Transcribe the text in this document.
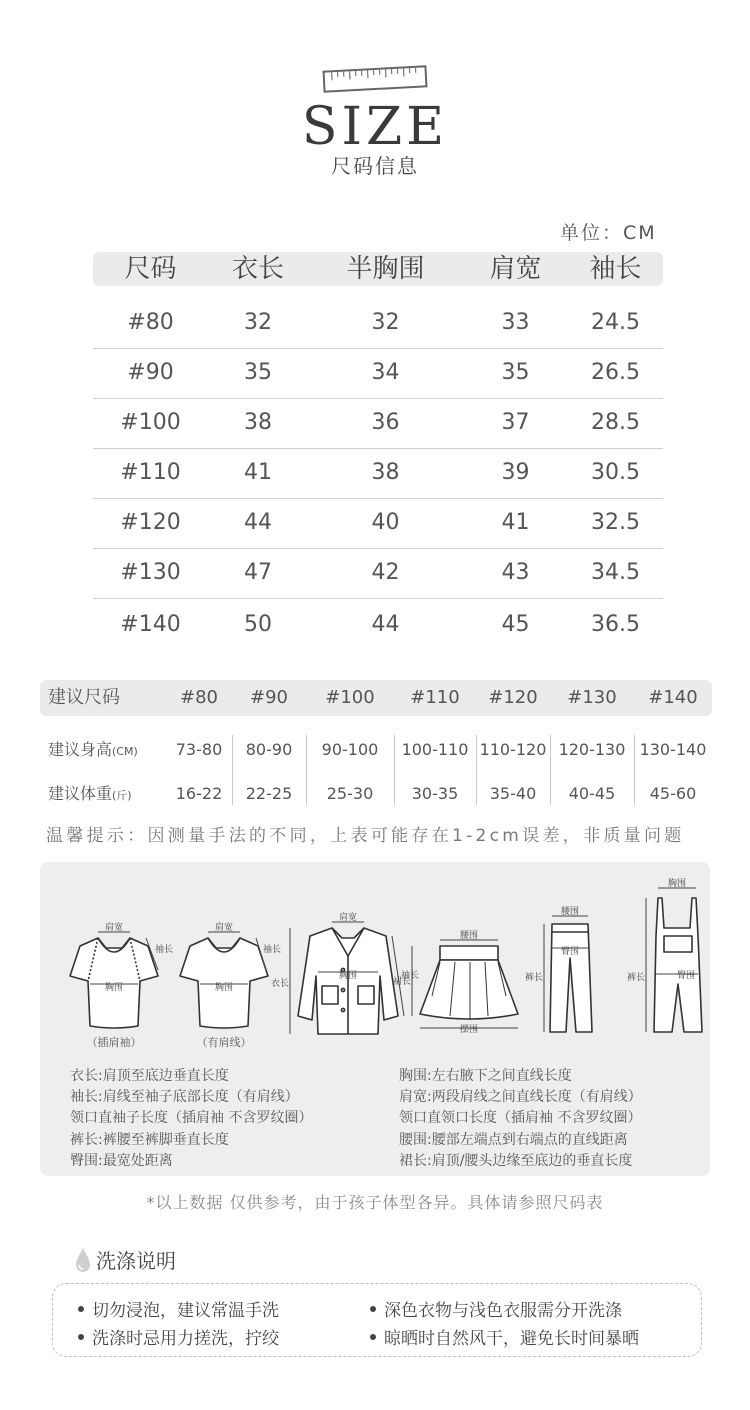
SIZE
尺码信息
单位：CM
尺码	衣长	半胸围	肩宽	袖长
#80	32	32	33	24.5
#90	35	34	35	26.5
#100	38	36	37	28.5
#110	41	38	39	30.5
#120	44	40	41	32.5
#130	47	42	43	34.5
#140	50	44	45	36.5
建议尺码	#80	#90	#100	#110	#120	#130	#140
建议身高(CM)	73-80	80-90	90-100	100-110 110-120 120-130 130-140
建议体重(斤)	16-22	22-25	25-30	30-35	35-40	40-45	45-60
温馨提示：因测量手法的不同，上表可能存在1-2cm误差，非质量问题
肩宽
胸围
袖长
肩宽
胸围
袖长
肩宽
胸围
衣长
袖长
腰围
摆围
裙长
腰围
臀围
裤长
胸围
臀围
裤长
（插肩袖）	（有肩线）
衣长:肩顶至底边垂直长度
袖长:肩线至袖子底部长度（有肩线）
领口直袖子长度（插肩袖 不含罗纹圈）
裤长:裤腰至裤脚垂直长度
臀围:最宽处距离
胸围:左右腋下之间直线长度
肩宽:两段肩线之间直线长度（有肩线）
领口直领口长度（插肩袖 不含罗纹圈）
腰围:腰部左端点到右端点的直线距离
裙长:肩顶/腰头边缘至底边的垂直长度
*以上数据 仅供参考，由于孩子体型各异。具体请参照尺码表
洗涤说明
切勿浸泡，建议常温手洗	深色衣物与浅色衣服需分开洗涤
洗涤时忌用力搓洗，拧绞	晾晒时自然风干，避免长时间暴晒
